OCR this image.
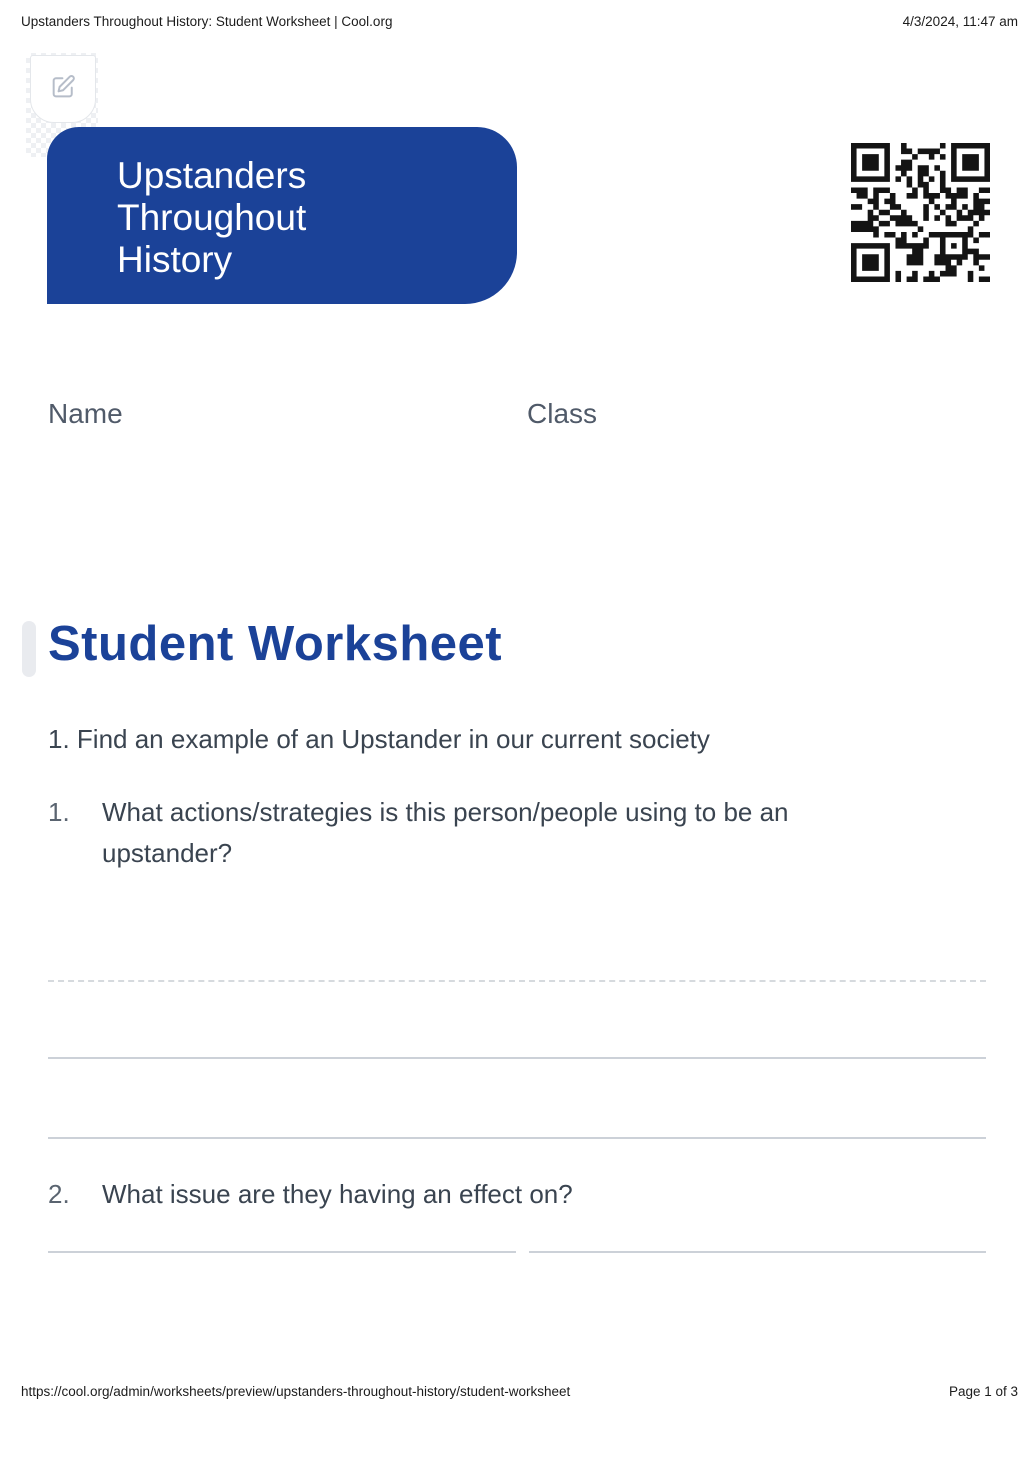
Upstanders Throughout History: Student Worksheet | Cool.org	4/3/2024, 11:47 am
Upstanders Throughout History
Name	Class
Student Worksheet
1. Find an example of an Upstander in our current society
1. What actions/strategies is this person/people using to be an upstander?
2. What issue are they having an effect on?
https://cool.org/admin/worksheets/preview/upstanders-throughout-history/student-worksheet	Page 1 of 3
